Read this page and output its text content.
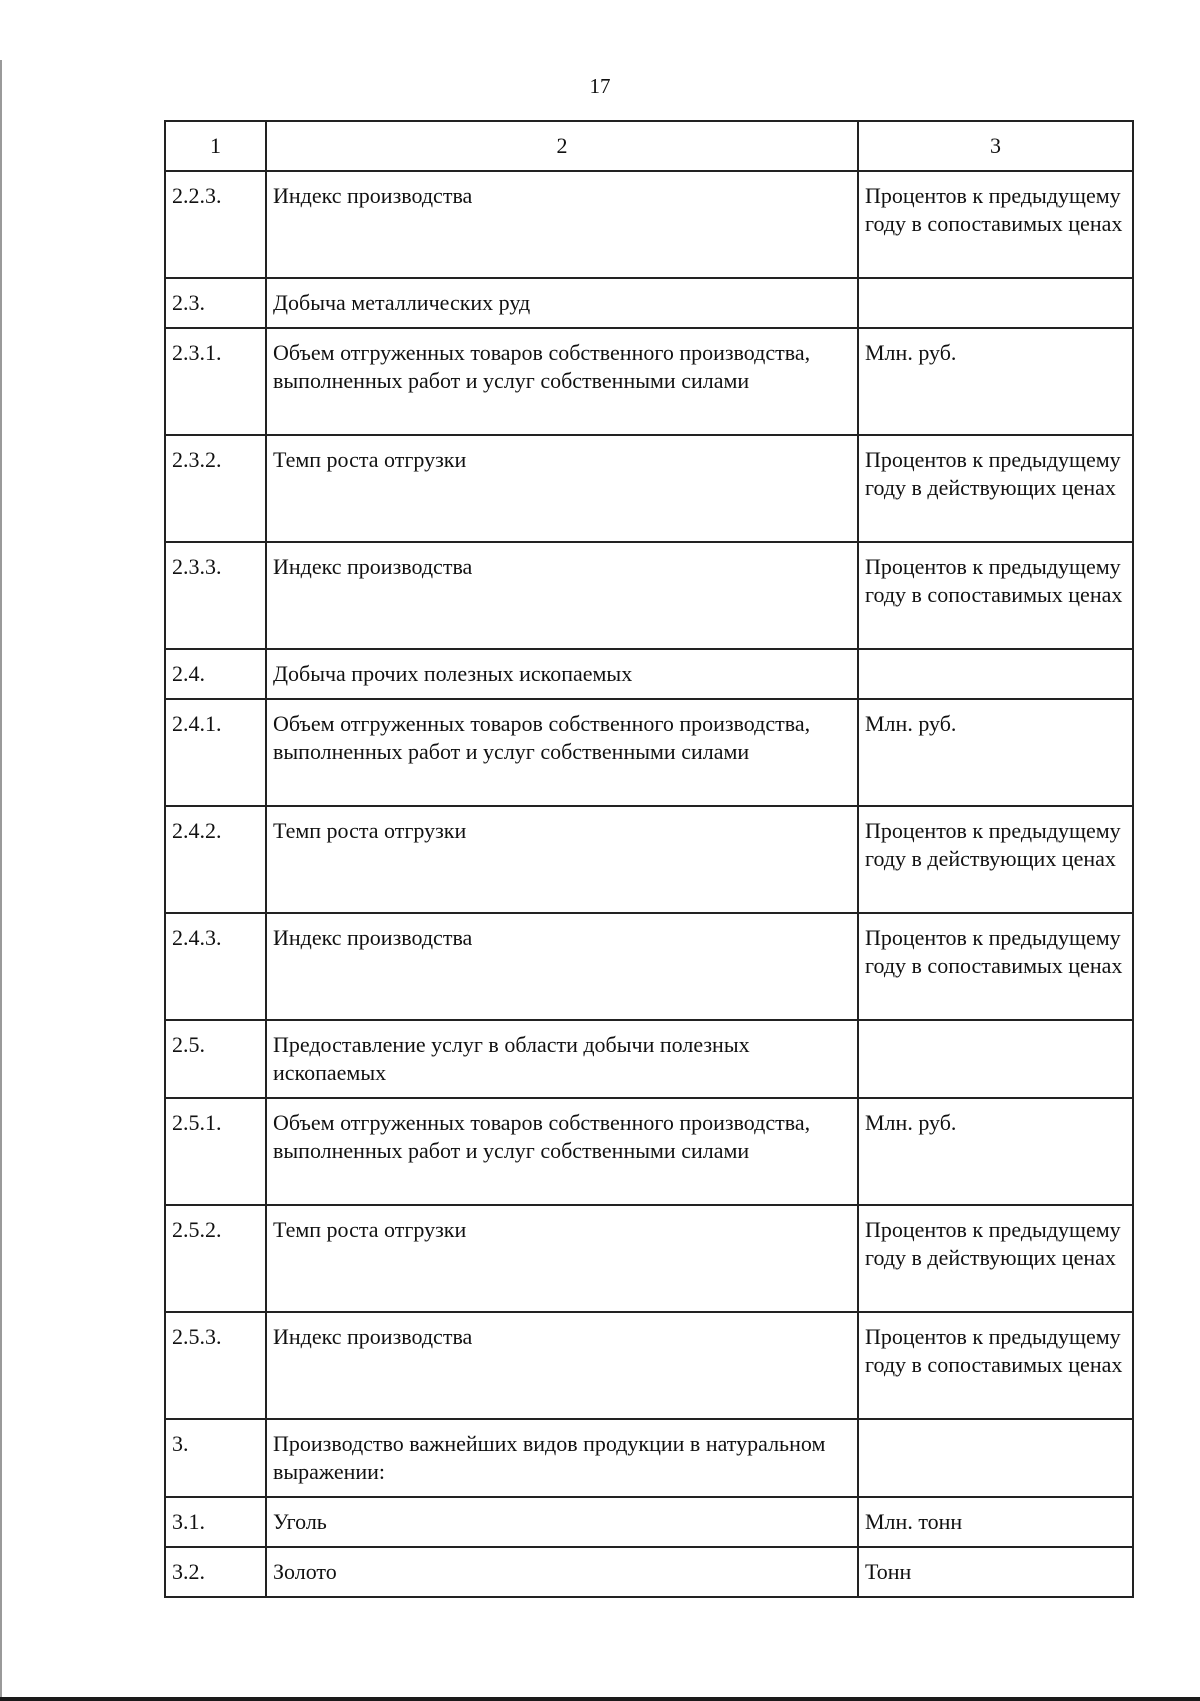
17
1	2	3
2.2.3.	Индекс производства	Процентов к предыдущему году в сопоставимых ценах
2.3.	Добыча металлических руд	
2.3.1.	Объем отгруженных товаров собственного производства, выполненных работ и услуг собственными силами	Млн. руб.
2.3.2.	Темп роста отгрузки	Процентов к предыдущему году в действующих ценах
2.3.3.	Индекс производства	Процентов к предыдущему году в сопоставимых ценах
2.4.	Добыча прочих полезных ископаемых	
2.4.1.	Объем отгруженных товаров собственного производства, выполненных работ и услуг собственными силами	Млн. руб.
2.4.2.	Темп роста отгрузки	Процентов к предыдущему году в действующих ценах
2.4.3.	Индекс производства	Процентов к предыдущему году в сопоставимых ценах
2.5.	Предоставление услуг в области добычи полезных ископаемых	
2.5.1.	Объем отгруженных товаров собственного производства, выполненных работ и услуг собственными силами	Млн. руб.
2.5.2.	Темп роста отгрузки	Процентов к предыдущему году в действующих ценах
2.5.3.	Индекс производства	Процентов к предыдущему году в сопоставимых ценах
3.	Производство важнейших видов продукции в натуральном выражении:	
3.1.	Уголь	Млн. тонн
3.2.	Золото	Тонн
